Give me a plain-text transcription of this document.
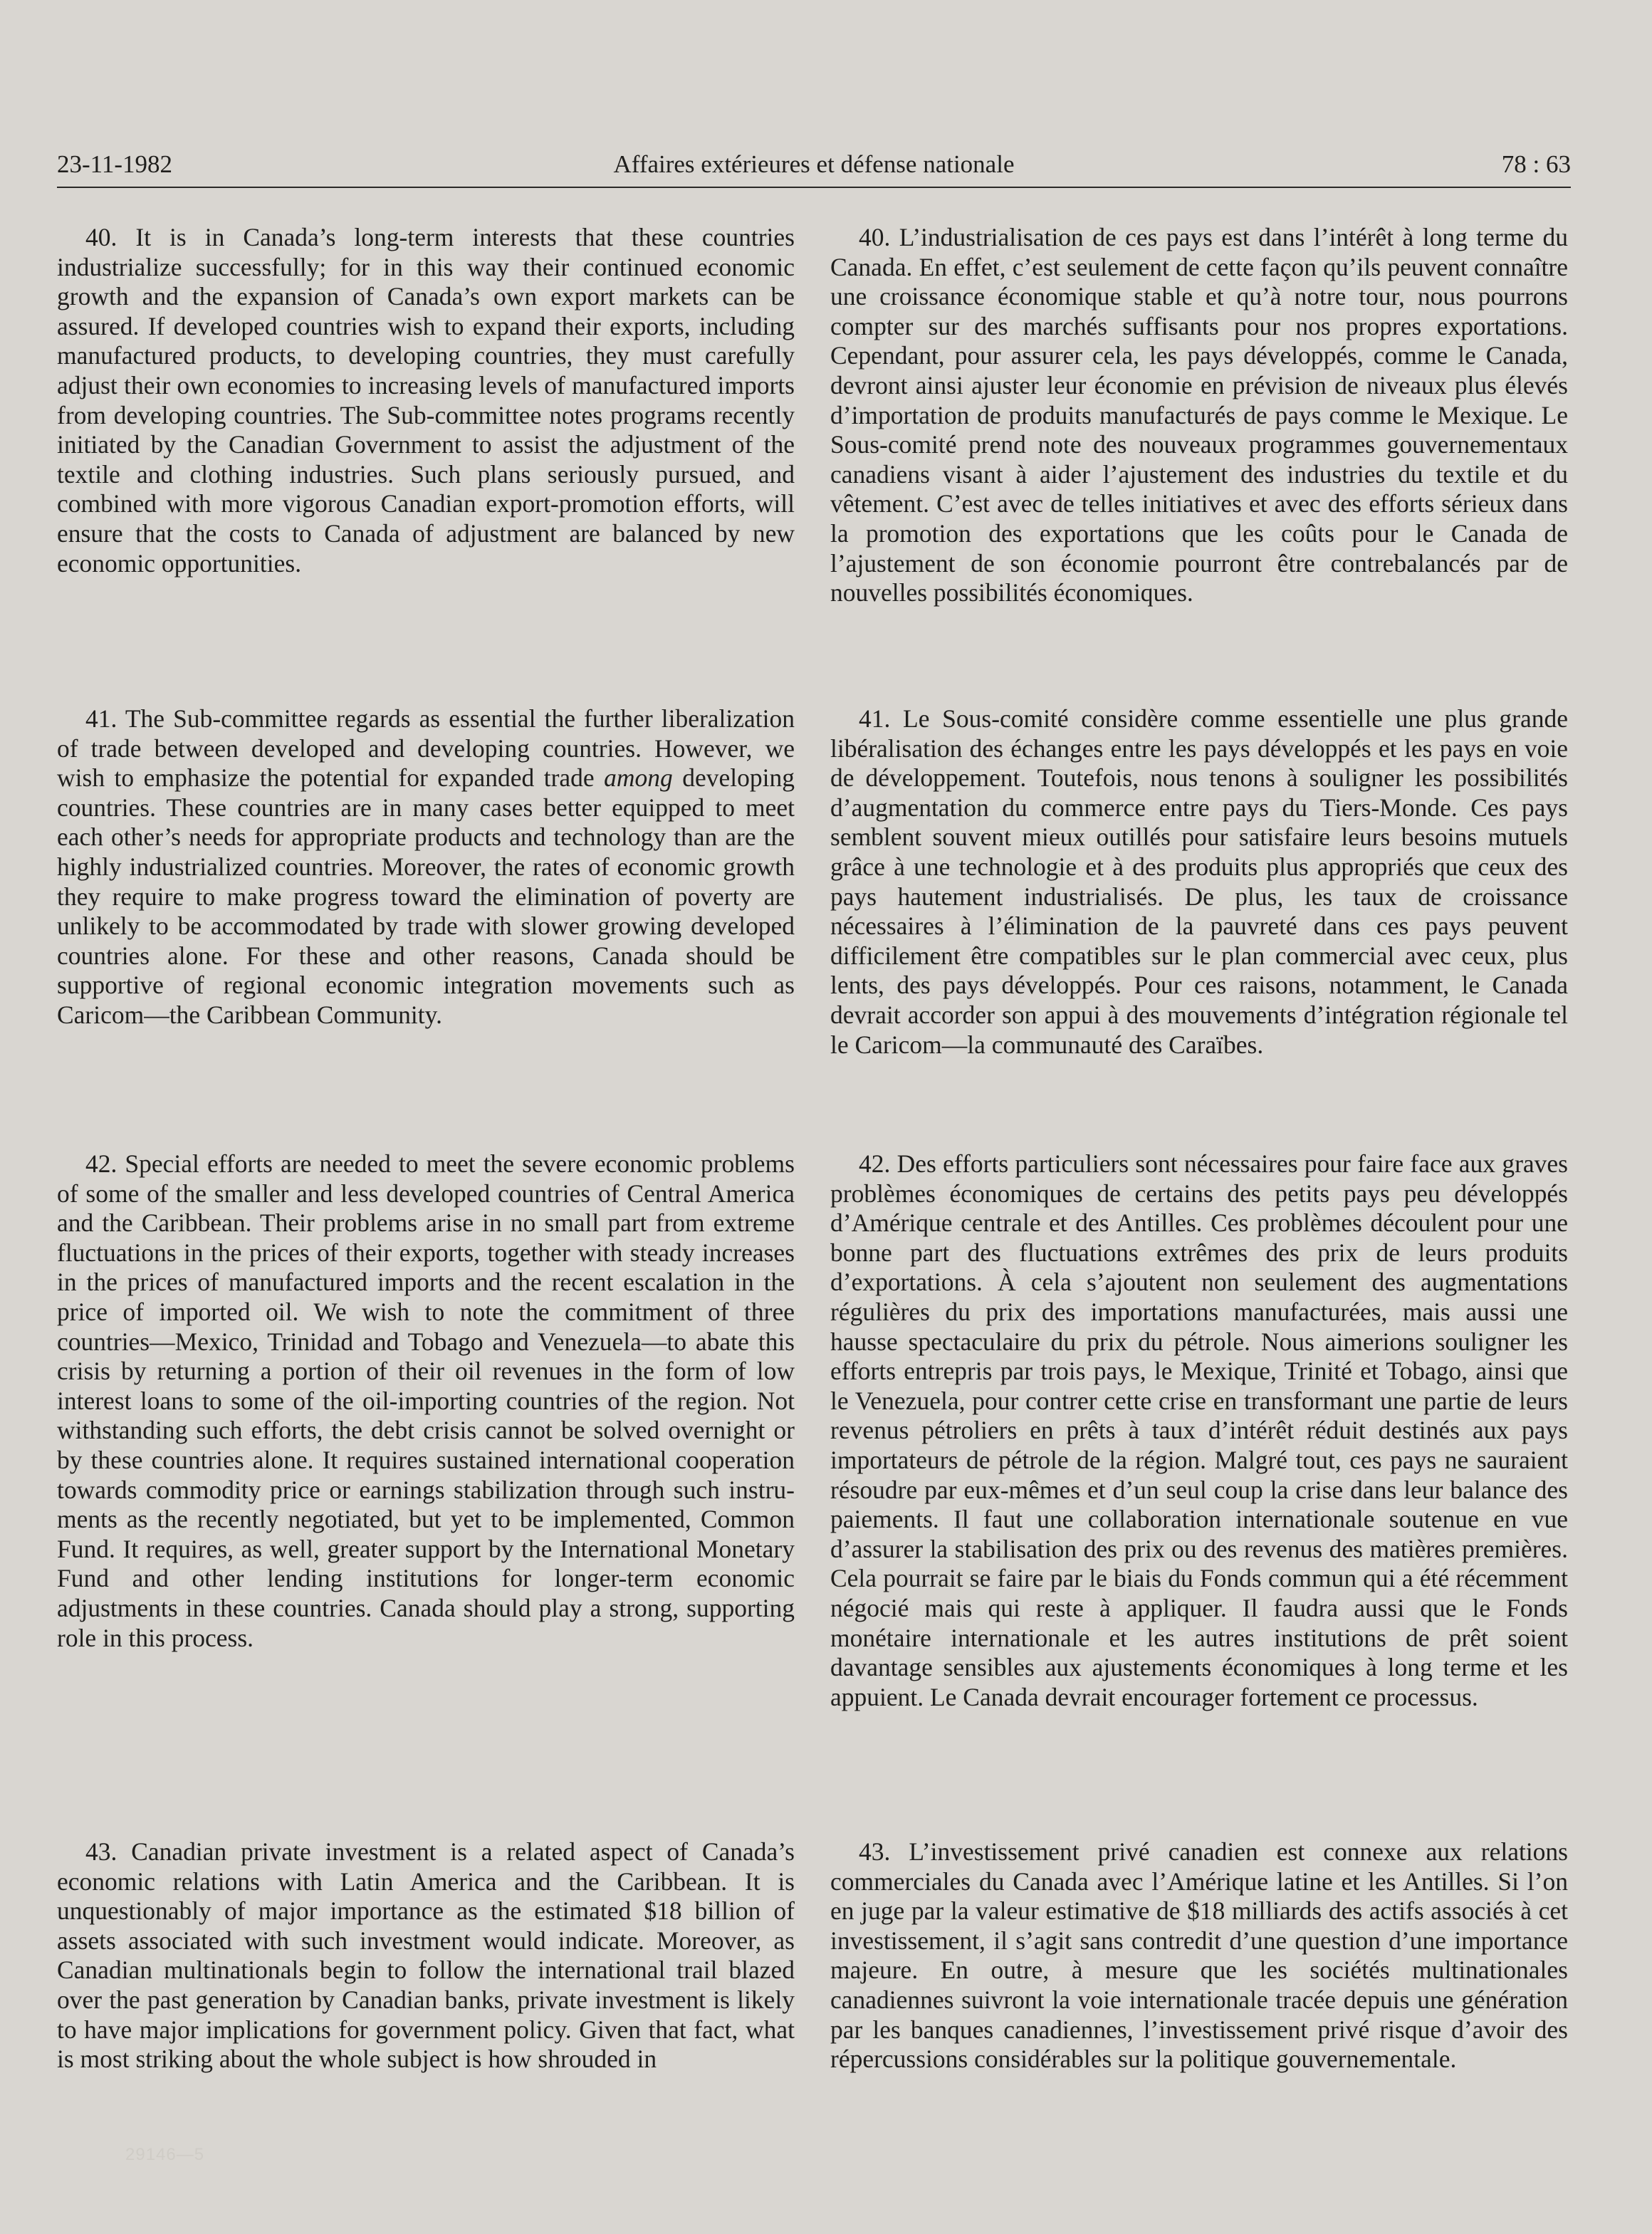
23-11-1982	Affaires extérieures et défense nationale	78 : 63

40. It is in Canada’s long-term interests that these countries industrialize successfully; for in this way their continued economic growth and the expansion of Canada’s own export markets can be assured. If developed countries wish to expand their exports, including manufactured products, to developing countries, they must carefully adjust their own economies to increasing levels of manufactured imports from developing countries. The Sub-committee notes programs recently initiated by the Canadian Government to assist the adjustment of the textile and clothing industries. Such plans seriously pursued, and combined with more vigorous Canadian export-promotion efforts, will ensure that the costs to Canada of adjustment are balanced by new economic opportunities.

41. The Sub-committee regards as essential the further liberalization of trade between developed and developing countries. However, we wish to emphasize the potential for expanded trade among developing countries. These countries are in many cases better equipped to meet each other’s needs for appropriate products and technology than are the highly industrialized countries. Moreover, the rates of economic growth they require to make progress toward the elimination of poverty are unlikely to be accommodated by trade with slower growing developed countries alone. For these and other reasons, Canada should be supportive of regional economic integration movements such as Caricom—the Caribbean Community.

42. Special efforts are needed to meet the severe economic problems of some of the smaller and less developed countries of Central America and the Caribbean. Their problems arise in no small part from extreme fluctuations in the prices of their exports, together with steady increases in the prices of manufactured imports and the recent escalation in the price of imported oil. We wish to note the commitment of three countries—Mexico, Trinidad and Tobago and Venezuela—to abate this crisis by returning a portion of their oil revenues in the form of low interest loans to some of the oil-importing countries of the region. Not withstanding such efforts, the debt crisis cannot be solved overnight or by these countries alone. It requires sustained international cooperation towards commodity price or earnings stabilization through such instruments as the recently negotiated, but yet to be implemented, Common Fund. It requires, as well, greater support by the International Monetary Fund and other lending institutions for longer-term economic adjustments in these countries. Canada should play a strong, supporting role in this process.

43. Canadian private investment is a related aspect of Canada’s economic relations with Latin America and the Caribbean. It is unquestionably of major importance as the estimated $18 billion of assets associated with such investment would indicate. Moreover, as Canadian multinationals begin to follow the international trail blazed over the past generation by Canadian banks, private investment is likely to have major implications for government policy. Given that fact, what is most striking about the whole subject is how shrouded in

40. L’industrialisation de ces pays est dans l’intérêt à long terme du Canada. En effet, c’est seulement de cette façon qu’ils peuvent connaître une croissance économique stable et qu’à notre tour, nous pourrons compter sur des marchés suffisants pour nos propres exportations. Cependant, pour assurer cela, les pays développés, comme le Canada, devront ainsi ajuster leur économie en prévision de niveaux plus élevés d’importation de produits manufacturés de pays comme le Mexique. Le Sous-comité prend note des nouveaux programmes gouvernementaux canadiens visant à aider l’ajustement des industries du textile et du vêtement. C’est avec de telles initiatives et avec des efforts sérieux dans la promotion des exportations que les coûts pour le Canada de l’ajustement de son économie pourront être contrebalancés par de nouvelles possibilités économiques.

41. Le Sous-comité considère comme essentielle une plus grande libéralisation des échanges entre les pays développés et les pays en voie de développement. Toutefois, nous tenons à souligner les possibilités d’augmentation du commerce entre pays du Tiers-Monde. Ces pays semblent souvent mieux outillés pour satisfaire leurs besoins mutuels grâce à une technologie et à des produits plus appropriés que ceux des pays hautement industrialisés. De plus, les taux de croissance nécessaires à l’élimination de la pauvreté dans ces pays peuvent difficilement être compatibles sur le plan commercial avec ceux, plus lents, des pays développés. Pour ces raisons, notamment, le Canada devrait accorder son appui à des mouvements d’intégration régionale tel le Caricom—la communauté des Caraïbes.

42. Des efforts particuliers sont nécessaires pour faire face aux graves problèmes économiques de certains des petits pays peu développés d’Amérique centrale et des Antilles. Ces problèmes découlent pour une bonne part des fluctuations extrêmes des prix de leurs produits d’exportations. À cela s’ajoutent non seulement des augmentations régulières du prix des importations manufacturées, mais aussi une hausse spectaculaire du prix du pétrole. Nous aimerions souligner les efforts entrepris par trois pays, le Mexique, Trinité et Tobago, ainsi que le Venezuela, pour contrer cette crise en transformant une partie de leurs revenus pétroliers en prêts à taux d’intérêt réduit destinés aux pays importateurs de pétrole de la région. Malgré tout, ces pays ne sauraient résoudre par eux-mêmes et d’un seul coup la crise dans leur balance des paiements. Il faut une collaboration internationale soutenue en vue d’assurer la stabilisation des prix ou des revenus des matières premières. Cela pourrait se faire par le biais du Fonds commun qui a été récemment négocié mais qui reste à appliquer. Il faudra aussi que le Fonds monétaire internationale et les autres institutions de prêt soient davantage sensibles aux ajustements économiques à long terme et les appuient. Le Canada devrait encourager fortement ce processus.

43. L’investissement privé canadien est connexe aux relations commerciales du Canada avec l’Amérique latine et les Antilles. Si l’on en juge par la valeur estimative de $18 milliards des actifs associés à cet investissement, il s’agit sans contredit d’une question d’une importance majeure. En outre, à mesure que les sociétés multinationales canadiennes suivront la voie internationale tracée depuis une génération par les banques canadiennes, l’investissement privé risque d’avoir des répercussions considérables sur la politique gouvernementale.

29146—5
